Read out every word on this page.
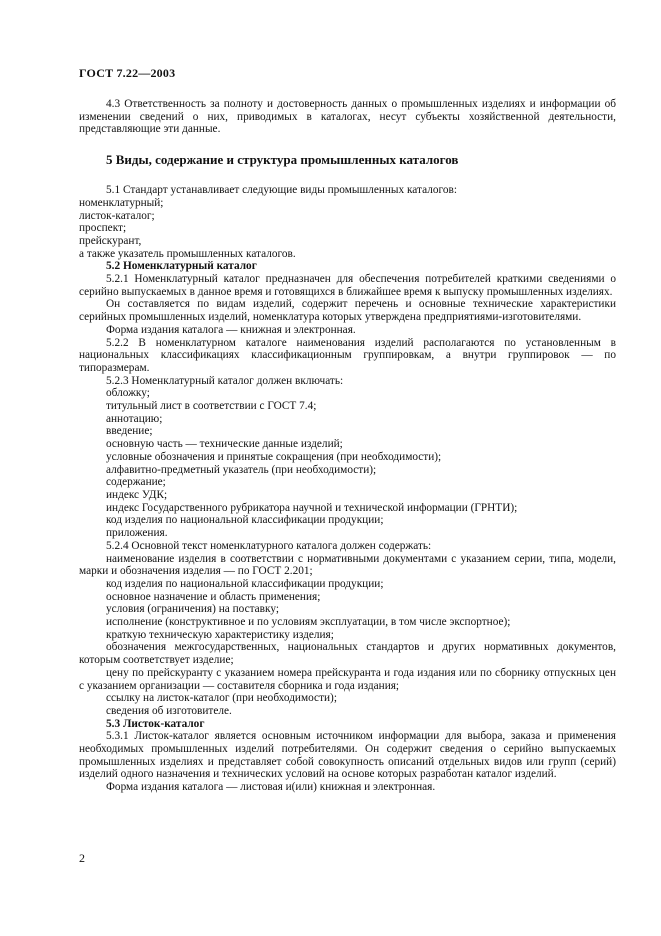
ГОСТ 7.22—2003

4.3 Ответственность за полноту и достоверность данных о промышленных изделиях и информации об изменении сведений о них, приводимых в каталогах, несут субъекты хозяйственной деятельности, представляющие эти данные.

5 Виды, содержание и структура промышленных каталогов

5.1 Стандарт устанавливает следующие виды промышленных каталогов:

номенклатурный;

листок-каталог;

проспект;

прейскурант,

а также указатель промышленных каталогов.

5.2 Номенклатурный каталог

5.2.1 Номенклатурный каталог предназначен для обеспечения потребителей краткими сведениями о серийно выпускаемых в данное время и готовящихся в ближайшее время к выпуску промышленных изделиях.

Он составляется по видам изделий, содержит перечень и основные технические характеристики серийных промышленных изделий, номенклатура которых утверждена предприятиями-изготовителями.

Форма издания каталога — книжная и электронная.

5.2.2 В номенклатурном каталоге наименования изделий располагаются по установленным в национальных классификациях классификационным группировкам, а внутри группировок — по типоразмерам.

5.2.3 Номенклатурный каталог должен включать:

обложку;

титульный лист в соответствии с ГОСТ 7.4;

аннотацию;

введение;

основную часть — технические данные изделий;

условные обозначения и принятые сокращения (при необходимости);

алфавитно-предметный указатель (при необходимости);

содержание;

индекс УДК;

индекс Государственного рубрикатора научной и технической информации (ГРНТИ);

код изделия по национальной классификации продукции;

приложения.

5.2.4 Основной текст номенклатурного каталога должен содержать:

наименование изделия в соответствии с нормативными документами с указанием серии, типа, модели, марки и обозначения изделия — по ГОСТ 2.201;

код изделия по национальной классификации продукции;

основное назначение и область применения;

условия (ограничения) на поставку;

исполнение (конструктивное и по условиям эксплуатации, в том числе экспортное);

краткую техническую характеристику изделия;

обозначения межгосударственных, национальных стандартов и других нормативных документов, которым соответствует изделие;

цену по прейскуранту с указанием номера прейскуранта и года издания или по сборнику отпускных цен с указанием организации — составителя сборника и года издания;

ссылку на листок-каталог (при необходимости);

сведения об изготовителе.

5.3 Листок-каталог

5.3.1 Листок-каталог является основным источником информации для выбора, заказа и применения необходимых промышленных изделий потребителями. Он содержит сведения о серийно выпускаемых промышленных изделиях и представляет собой совокупность описаний отдельных видов или групп (серий) изделий одного назначения и технических условий на основе которых разработан каталог изделий.

Форма издания каталога — листовая и(или) книжная и электронная.

2
